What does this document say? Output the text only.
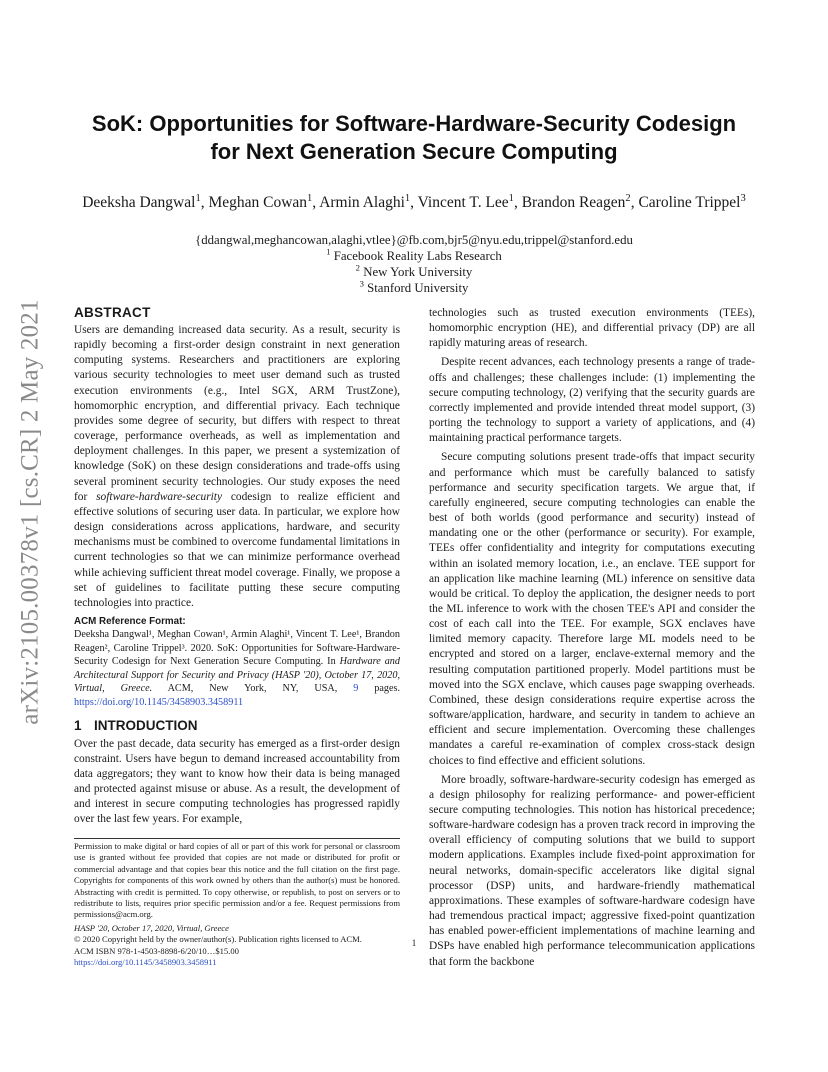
arXiv:2105.00378v1 [cs.CR] 2 May 2021
SoK: Opportunities for Software-Hardware-Security Codesign
for Next Generation Secure Computing
Deeksha Dangwal$^1$, Meghan Cowan$^1$, Armin Alaghi$^1$, Vincent T. Lee$^1$, Brandon Reagen$^2$, Caroline Trippel$^3$
{ddangwal,meghancowan,alaghi,vtlee}@fb.com,bjr5@nyu.edu,trippel@stanford.edu
$^1$ Facebook Reality Labs Research
$^2$ New York University
$^3$ Stanford University
ABSTRACT

Users are demanding increased data security. As a result, security is rapidly becoming a first-order design constraint in next generation computing systems. Researchers and practitioners are exploring various security technologies to meet user demand such as trusted execution environments (e.g., Intel SGX, ARM TrustZone), homomorphic encryption, and differential privacy. Each technique provides some degree of security, but differs with respect to threat coverage, performance overheads, as well as implementation and deployment challenges. In this paper, we present a systemization of knowledge (SoK) on these design considerations and trade-offs using several prominent security technologies. Our study exposes the need for software-hardware-security codesign to realize efficient and effective solutions of securing user data. In particular, we explore how design considerations across applications, hardware, and security mechanisms must be combined to overcome fundamental limitations in current technologies so that we can minimize performance overhead while achieving sufficient threat model coverage. Finally, we propose a set of guidelines to facilitate putting these secure computing technologies into practice.

ACM Reference Format:
Deeksha Dangwal¹, Meghan Cowan¹, Armin Alaghi¹, Vincent T. Lee¹, Brandon Reagen², Caroline Trippel³. 2020. SoK: Opportunities for Software-Hardware-Security Codesign for Next Generation Secure Computing. In Hardware and Architectural Support for Security and Privacy (HASP '20), October 17, 2020, Virtual, Greece. ACM, New York, NY, USA, 9 pages. https://doi.org/10.1145/3458903.3458911
1 INTRODUCTION

Over the past decade, data security has emerged as a first-order design constraint. Users have begun to demand increased accountability from data aggregators; they want to know how their data is being managed and protected against misuse or abuse. As a result, the development of and interest in secure computing technologies has progressed rapidly over the last few years. For example,

Permission to make digital or hard copies of all or part of this work for personal or classroom use is granted without fee provided that copies are not made or distributed for profit or commercial advantage and that copies bear this notice and the full citation on the first page. Copyrights for components of this work owned by others than the author(s) must be honored. Abstracting with credit is permitted. To copy otherwise, or republish, to post on servers or to redistribute to lists, requires prior specific permission and/or a fee. Request permissions from permissions@acm.org.

HASP '20, October 17, 2020, Virtual, Greece

© 2020 Copyright held by the owner/author(s). Publication rights licensed to ACM.

ACM ISBN 978-1-4503-8898-6/20/10…$15.00

https://doi.org/10.1145/3458903.3458911

technologies such as trusted execution environments (TEEs), homomorphic encryption (HE), and differential privacy (DP) are all rapidly maturing areas of research.

Despite recent advances, each technology presents a range of trade-offs and challenges; these challenges include: (1) implementing the secure computing technology, (2) verifying that the security guards are correctly implemented and provide intended threat model support, (3) porting the technology to support a variety of applications, and (4) maintaining practical performance targets.

Secure computing solutions present trade-offs that impact security and performance which must be carefully balanced to satisfy performance and security specification targets. We argue that, if carefully engineered, secure computing technologies can enable the best of both worlds (good performance and security) instead of mandating one or the other (performance or security). For example, TEEs offer confidentiality and integrity for computations executing within an isolated memory location, i.e., an enclave. TEE support for an application like machine learning (ML) inference on sensitive data would be critical. To deploy the application, the designer needs to port the ML inference to work with the chosen TEE's API and consider the cost of each call into the TEE. For example, SGX enclaves have limited memory capacity. Therefore large ML models need to be encrypted and stored on a larger, enclave-external memory and the resulting computation partitioned properly. Model partitions must be moved into the SGX enclave, which causes page swapping overheads. Combined, these design considerations require expertise across the software/application, hardware, and security in tandem to achieve an efficient and secure implementation. Overcoming these challenges mandates a careful re-examination of complex cross-stack design choices to find effective and efficient solutions.

More broadly, software-hardware-security codesign has emerged as a design philosophy for realizing performance- and power-efficient secure computing technologies. This notion has historical precedence; software-hardware codesign has a proven track record in improving the overall efficiency of computing solutions that we build to support modern applications. Examples include fixed-point approximation for neural networks, domain-specific accelerators like digital signal processor (DSP) units, and hardware-friendly mathematical approximations. These examples of software-hardware codesign have had tremendous practical impact; aggressive fixed-point quantization has enabled power-efficient implementations of machine learning and DSPs have enabled high performance telecommunication applications that form the backbone

1
